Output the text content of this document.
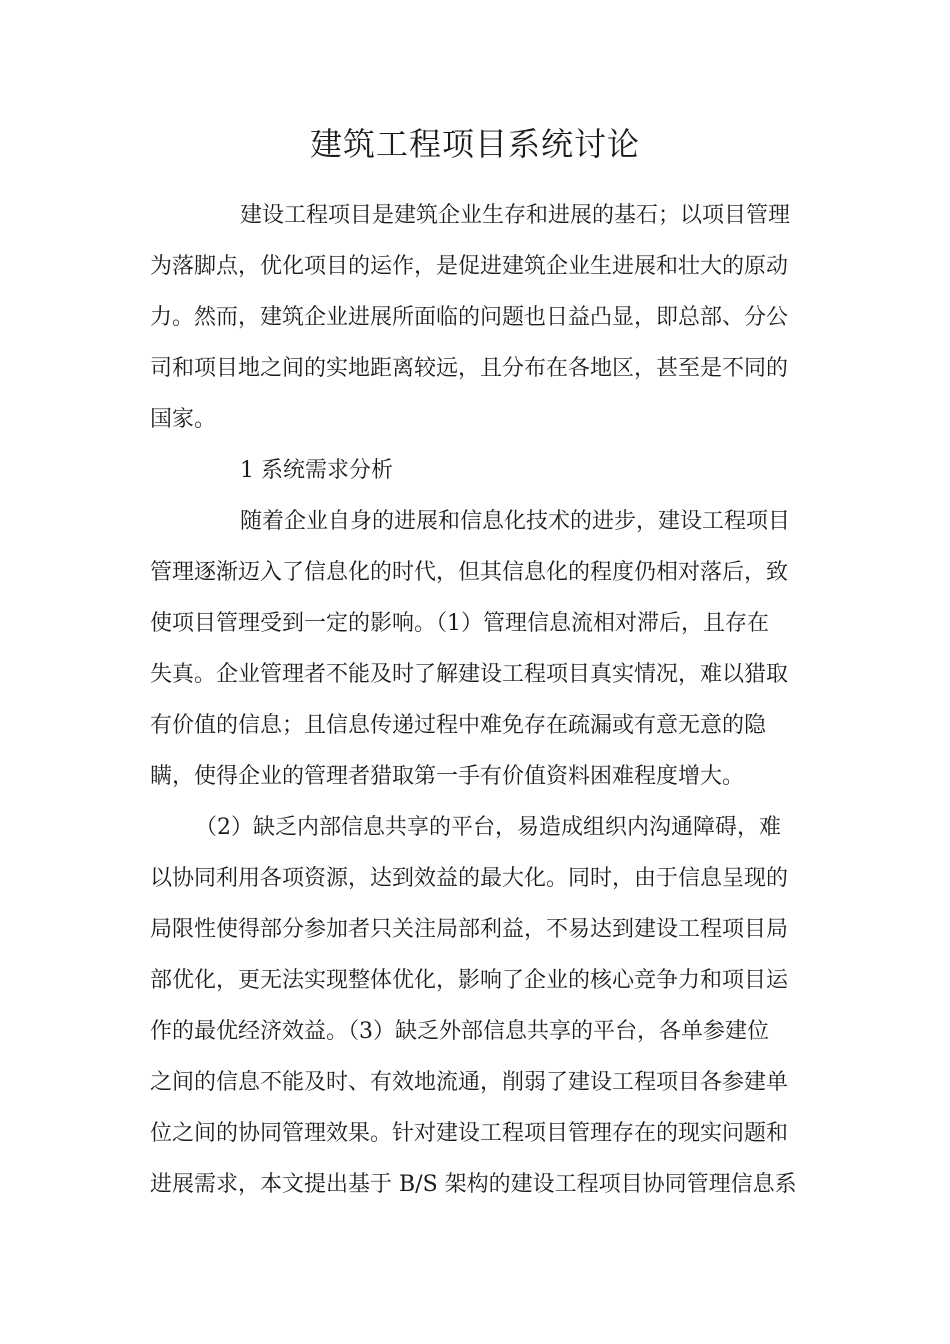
建筑工程项目系统讨论
建设工程项目是建筑企业生存和进展的基石；以项目管理
为落脚点，优化项目的运作，是促进建筑企业生进展和壮大的原动
力。然而，建筑企业进展所面临的问题也日益凸显，即总部、分公
司和项目地之间的实地距离较远，且分布在各地区，甚至是不同的
国家。
1 系统需求分析
随着企业自身的进展和信息化技术的进步，建设工程项目
管理逐渐迈入了信息化的时代，但其信息化的程度仍相对落后，致
使项目管理受到一定的影响。（1）管理信息流相对滞后，且存在
失真。企业管理者不能及时了解建设工程项目真实情况，难以猎取
有价值的信息；且信息传递过程中难免存在疏漏或有意无意的隐
瞒，使得企业的管理者猎取第一手有价值资料困难程度增大。
（2）缺乏内部信息共享的平台，易造成组织内沟通障碍，难
以协同利用各项资源，达到效益的最大化。同时，由于信息呈现的
局限性使得部分参加者只关注局部利益，不易达到建设工程项目局
部优化，更无法实现整体优化，影响了企业的核心竞争力和项目运
作的最优经济效益。（3）缺乏外部信息共享的平台，各单参建位
之间的信息不能及时、有效地流通，削弱了建设工程项目各参建单
位之间的协同管理效果。针对建设工程项目管理存在的现实问题和
进展需求，本文提出基于 B/S 架构的建设工程项目协同管理信息系
